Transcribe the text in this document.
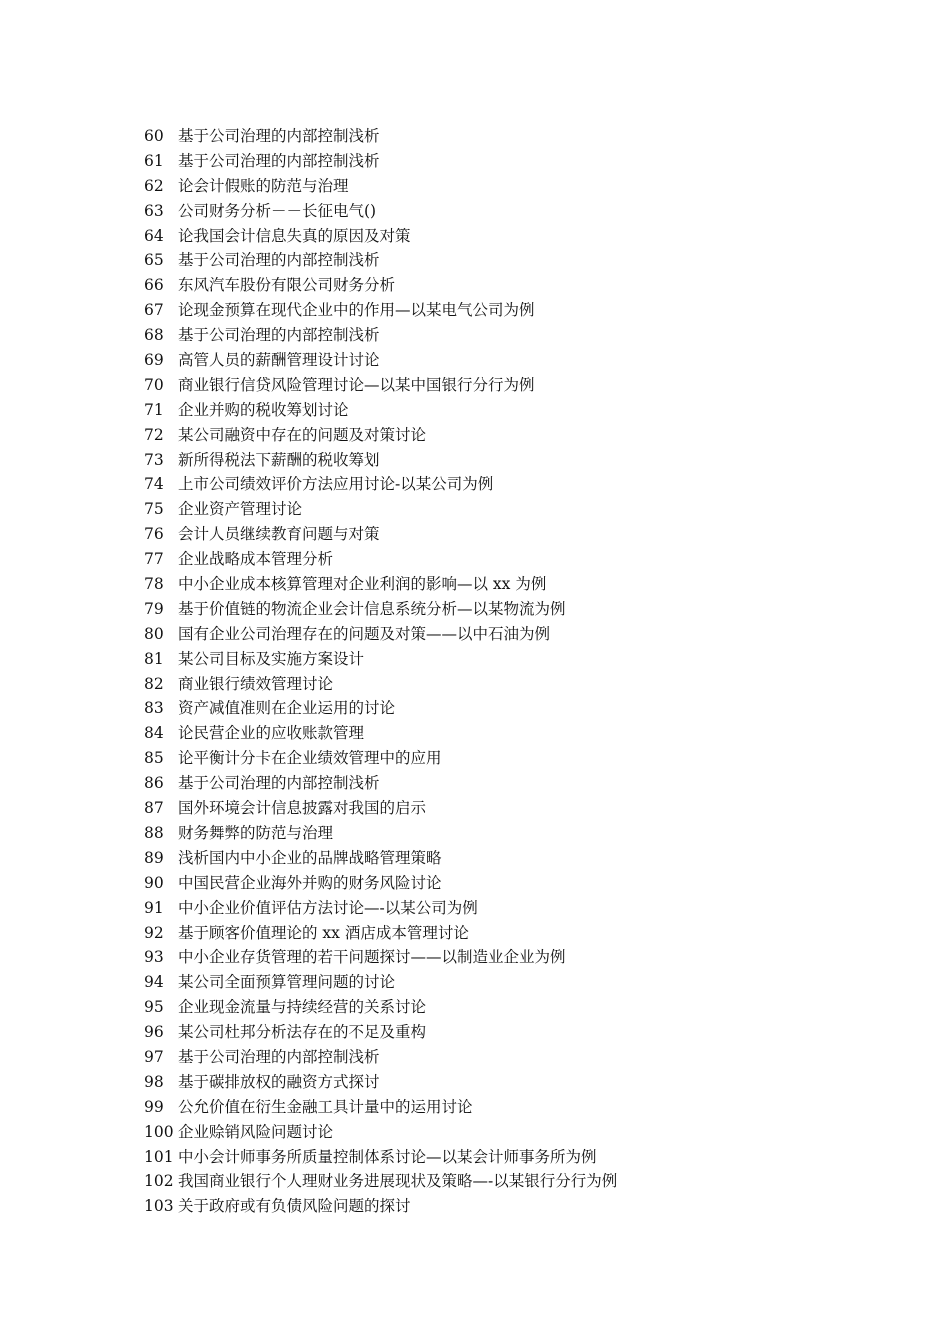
60 基于公司治理的内部控制浅析
61 基于公司治理的内部控制浅析
62 论会计假账的防范与治理
63 公司财务分析－－长征电气()
64 论我国会计信息失真的原因及对策
65 基于公司治理的内部控制浅析
66 东风汽车股份有限公司财务分析
67 论现金预算在现代企业中的作用—以某电气公司为例
68 基于公司治理的内部控制浅析
69 高管人员的薪酬管理设计讨论
70 商业银行信贷风险管理讨论—以某中国银行分行为例
71 企业并购的税收筹划讨论
72 某公司融资中存在的问题及对策讨论
73 新所得税法下薪酬的税收筹划
74 上市公司绩效评价方法应用讨论-以某公司为例
75 企业资产管理讨论
76 会计人员继续教育问题与对策
77 企业战略成本管理分析
78 中小企业成本核算管理对企业利润的影响—以 xx 为例
79 基于价值链的物流企业会计信息系统分析—以某物流为例
80 国有企业公司治理存在的问题及对策——以中石油为例
81 某公司目标及实施方案设计
82 商业银行绩效管理讨论
83 资产减值准则在企业运用的讨论
84 论民营企业的应收账款管理
85 论平衡计分卡在企业绩效管理中的应用
86 基于公司治理的内部控制浅析
87 国外环境会计信息披露对我国的启示
88 财务舞弊的防范与治理
89 浅析国内中小企业的品牌战略管理策略
90 中国民营企业海外并购的财务风险讨论
91 中小企业价值评估方法讨论—-以某公司为例
92 基于顾客价值理论的 xx 酒店成本管理讨论
93 中小企业存货管理的若干问题探讨——以制造业企业为例
94 某公司全面预算管理问题的讨论
95 企业现金流量与持续经营的关系讨论
96 某公司杜邦分析法存在的不足及重构
97 基于公司治理的内部控制浅析
98 基于碳排放权的融资方式探讨
99 公允价值在衍生金融工具计量中的运用讨论
100 企业赊销风险问题讨论
101 中小会计师事务所质量控制体系讨论—以某会计师事务所为例
102 我国商业银行个人理财业务进展现状及策略—-以某银行分行为例
103 关于政府或有负债风险问题的探讨
